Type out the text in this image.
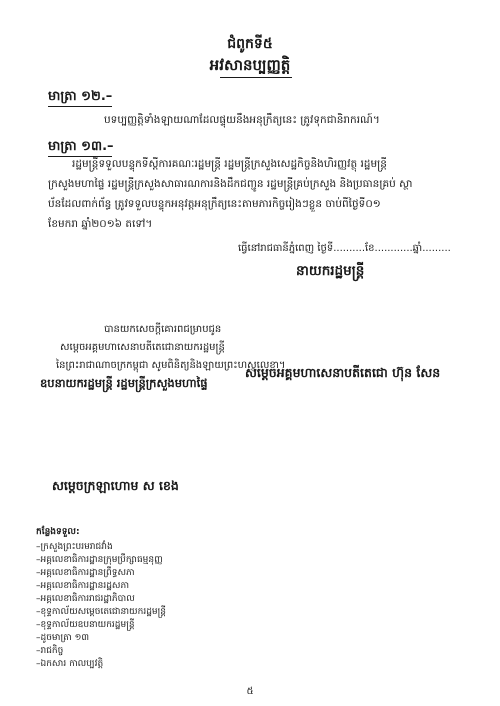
ជំពូកទី៥
អវសានប្បញ្ញត្តិ
មាត្រា ១២.–
បទប្បញ្ញត្តិទាំងឡាយណាដែលផ្ទុយនឹងអនុក្រឹត្យនេះ ត្រូវទុកជានិរាករណ៍។
មាត្រា ១៣.–
រដ្ឋមន្ត្រីទទួលបន្ទុកទីស្តីការគណៈរដ្ឋមន្ត្រី រដ្ឋមន្ត្រីក្រសួងសេដ្ឋកិច្ចនិងហិរញ្ញវត្ថុ រដ្ឋមន្ត្រី
ក្រសួងមហាផ្ទៃ រដ្ឋមន្ត្រីក្រសួងសាធារណការនិងដឹកជញ្ជូន រដ្ឋមន្ត្រីគ្រប់ក្រសួង និងប្រធានគ្រប់ ស្ថា
ប័នដែលពាក់ព័ន្ធ ត្រូវទទួលបន្ទុកអនុវត្តអនុក្រឹត្យនេះតាមភារកិច្ចរៀងៗខ្លួន ចាប់ពីថ្ងៃទី០១
ខែមករា ឆ្នាំ២០១៦ តទៅ។
ធ្វើនៅរាជធានីភ្នំពេញ ថ្ងៃទី..........ខែ............ឆ្នាំ.........
នាយករដ្ឋមន្ត្រី
បានយកសេចក្តីគោរពជម្រាបជូន
សម្តេចអគ្គមហាសេនាបតីតេជោនាយករដ្ឋមន្ត្រី
នៃព្រះរាជាណាចក្រកម្ពុជា សូមពិនិត្យនិងឡាយព្រះហស្ថលេខា។
ឧបនាយករដ្ឋមន្ត្រី រដ្ឋមន្ត្រីក្រសួងមហាផ្ទៃ
សម្តេចអគ្គមហាសេនាបតីតេជោ ហ៊ុន សែន
សម្តេចក្រឡាហោម ស ខេង
កន្លែងទទួល:
–ក្រសួងព្រះបរមរាជវាំង
–អគ្គលេខាធិការដ្ឋានក្រុមប្រឹក្សាធម្មនុញ្ញ
–អគ្គលេខាធិការដ្ឋានព្រឹទ្ធសភា
–អគ្គលេខាធិការដ្ឋានរដ្ឋសភា
–អគ្គលេខាធិការរាជរដ្ឋាភិបាល
–ខុទ្ទកាល័យសម្តេចតេជោនាយករដ្ឋមន្ត្រី
–ខុទ្ទកាល័យឧបនាយករដ្ឋមន្ត្រី
–ដូចមាត្រា ១៣
–រាជកិច្ច
–ឯកសារ កាលប្បវត្តិ
៥
